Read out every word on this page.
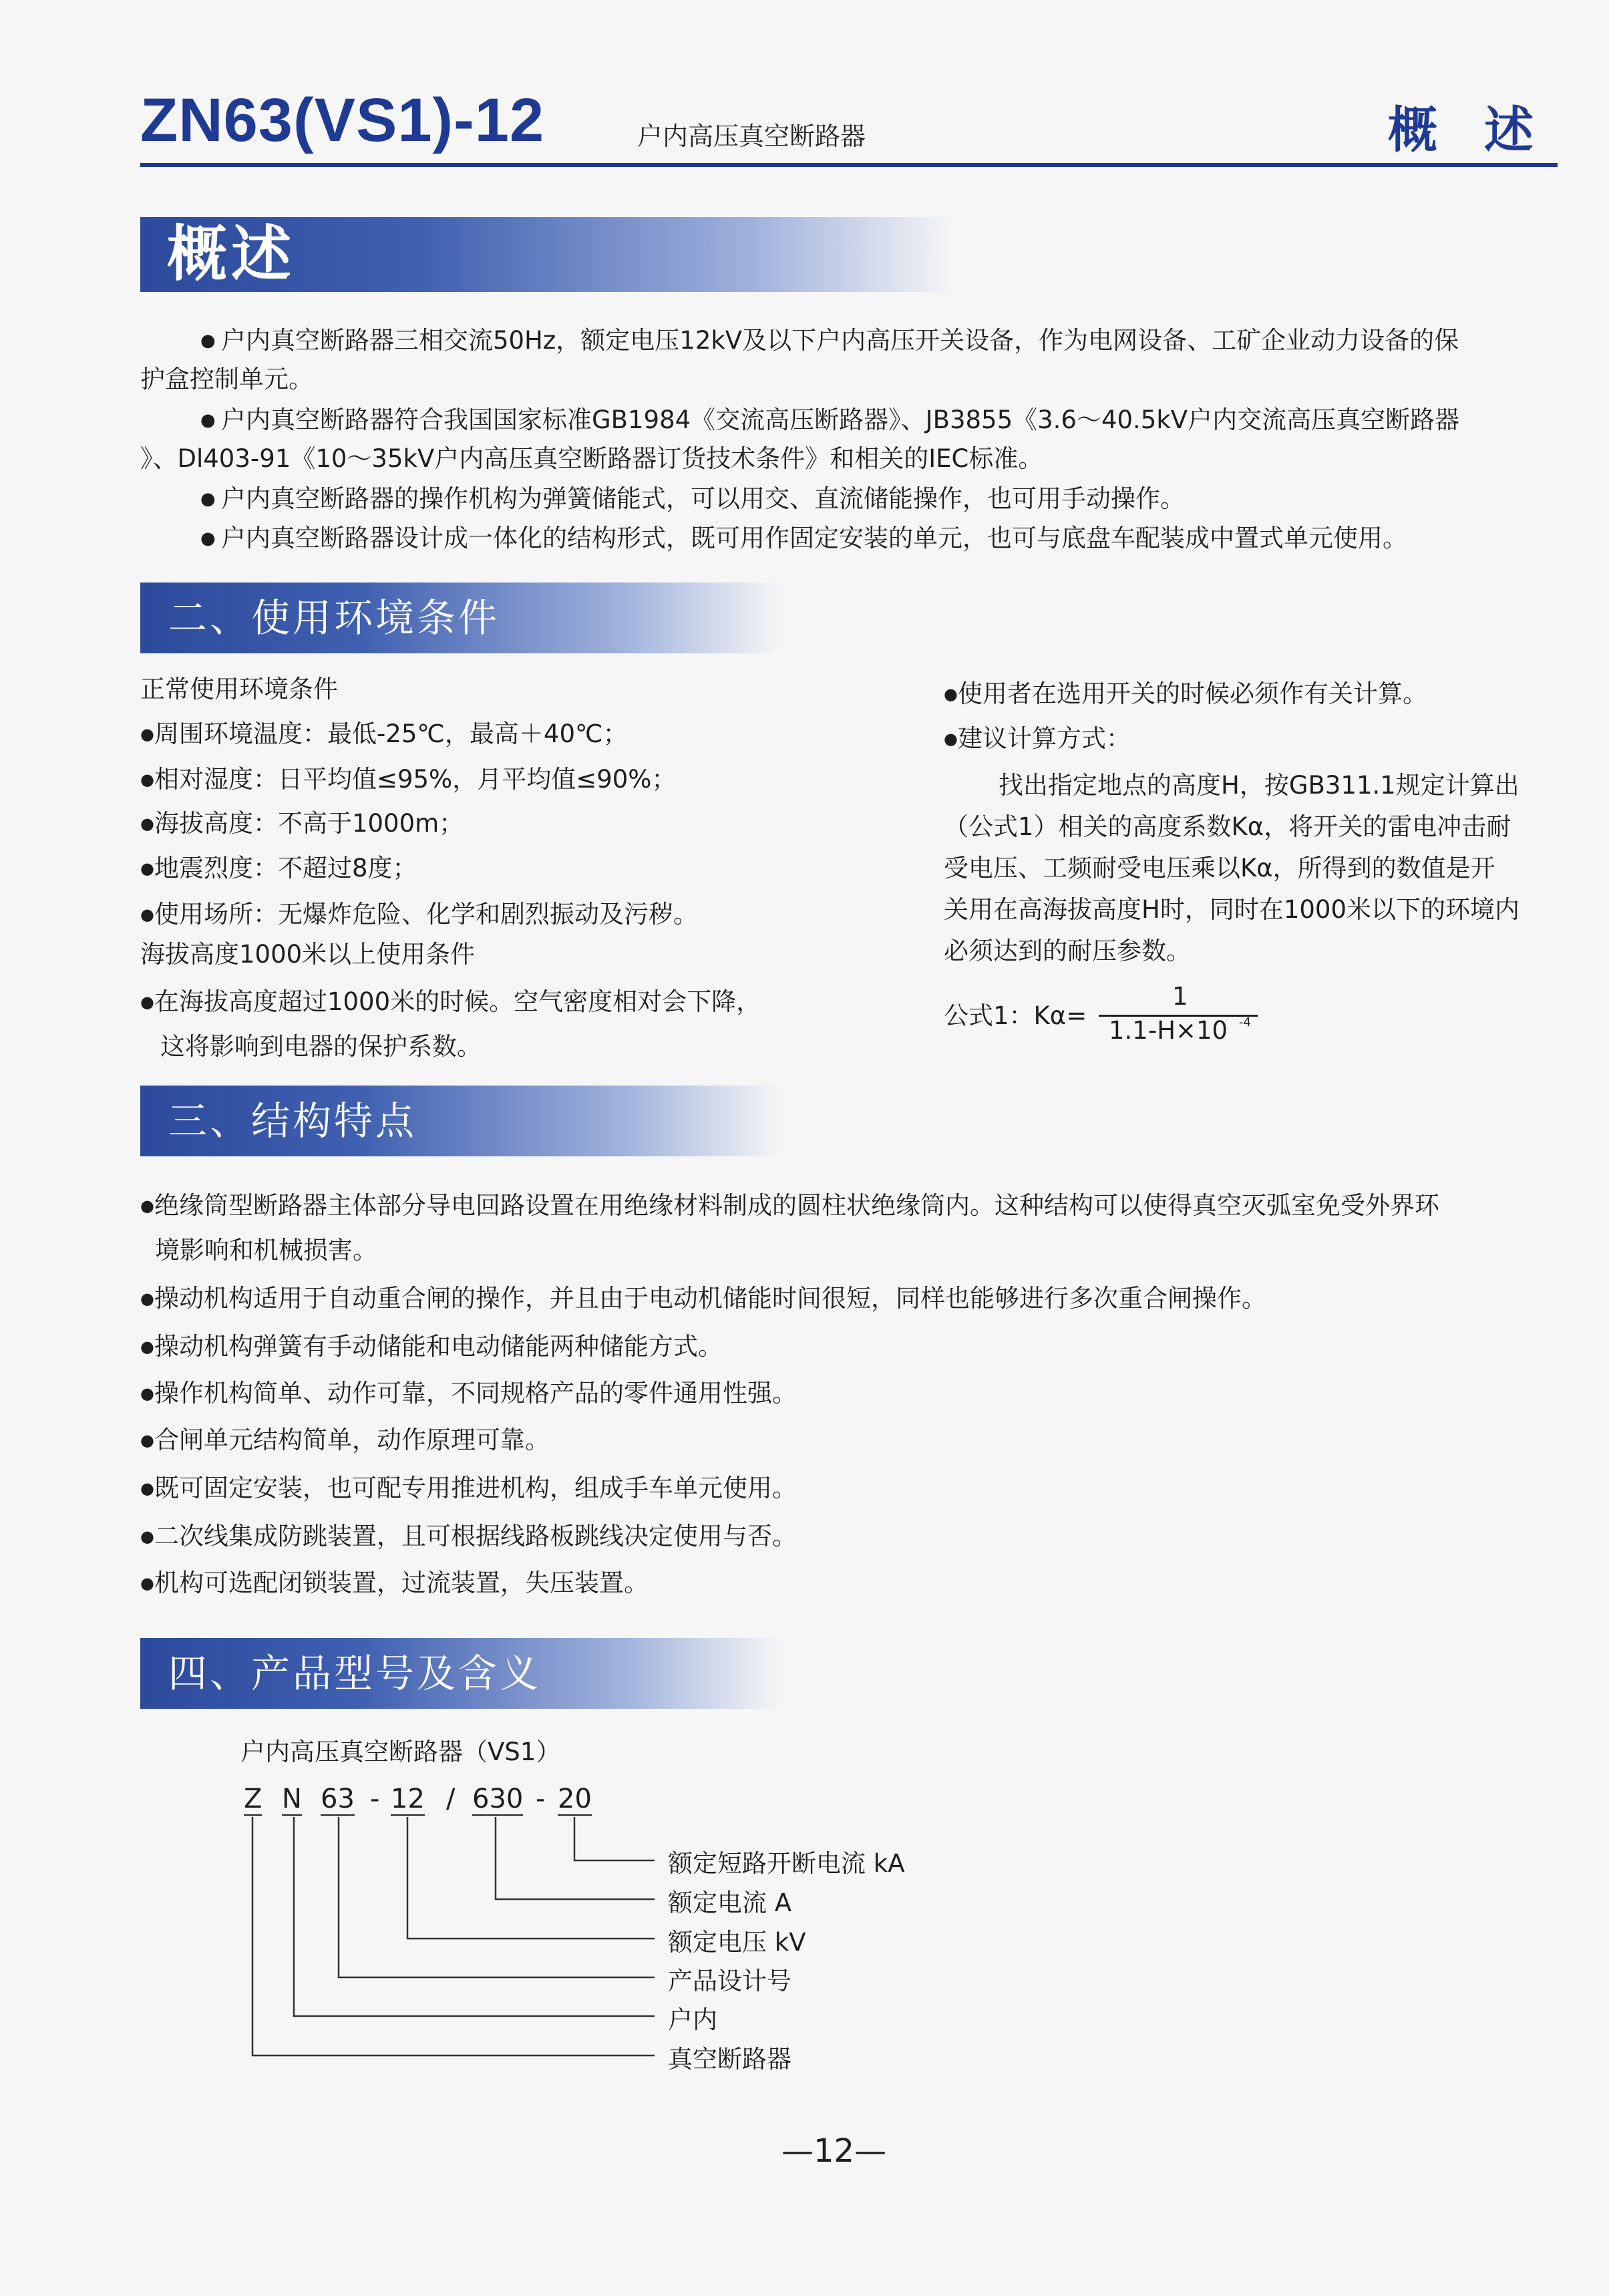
ZN63(VS1)-12	户内高压真空断路器	概述
概述
● 户内真空断路器三相交流50Hz，额定电压12kV及以下户内高压开关设备，作为电网设备、工矿企业动力设备的保
护盒控制单元。
● 户内真空断路器符合我国国家标准GB1984《交流高压断路器》、JB3855《3.6～40.5kV户内交流高压真空断路器
》、Dl403-91《10～35kV户内高压真空断路器订货技术条件》和相关的IEC标准。
● 户内真空断路器的操作机构为弹簧储能式，可以用交、直流储能操作，也可用手动操作。
● 户内真空断路器设计成一体化的结构形式，既可用作固定安装的单元，也可与底盘车配装成中置式单元使用。
二、使用环境条件
正常使用环境条件
● 周围环境温度：最低-25℃，最高＋40℃；
● 相对湿度：日平均值≤95%，月平均值≤90%；
● 海拔高度：不高于1000m；
● 地震烈度：不超过8度；
● 使用场所：无爆炸危险、化学和剧烈振动及污秽。
海拔高度1000米以上使用条件
● 在海拔高度超过1000米的时候。空气密度相对会下降，
这将影响到电器的保护系数。
● 使用者在选用开关的时候必须作有关计算。
● 建议计算方式：
找出指定地点的高度H，按GB311.1规定计算出
（公式1）相关的高度系数Kα，将开关的雷电冲击耐
受电压、工频耐受电压乘以Kα，所得到的数值是开
关用在高海拔高度H时，同时在1000米以下的环境内
必须达到的耐压参数。
公式1：Kα=
1
1.1-H×10 -4
三、结构特点
● 绝缘筒型断路器主体部分导电回路设置在用绝缘材料制成的圆柱状绝缘筒内。这种结构可以使得真空灭弧室免受外界环
境影响和机械损害。
● 操动机构适用于自动重合闸的操作，并且由于电动机储能时间很短，同样也能够进行多次重合闸操作。
● 操动机构弹簧有手动储能和电动储能两种储能方式。
● 操作机构简单、动作可靠，不同规格产品的零件通用性强。
● 合闸单元结构简单，动作原理可靠。
● 既可固定安装，也可配专用推进机构，组成手车单元使用。
● 二次线集成防跳装置，且可根据线路板跳线决定使用与否。
● 机构可选配闭锁装置，过流装置，失压装置。
四、产品型号及含义
户内高压真空断路器（VS1）
Z N 63 - 12 / 630 - 20
额定短路开断电流 kA
额定电流 A
额定电压 kV
产品设计号
户内
真空断路器
—12—
